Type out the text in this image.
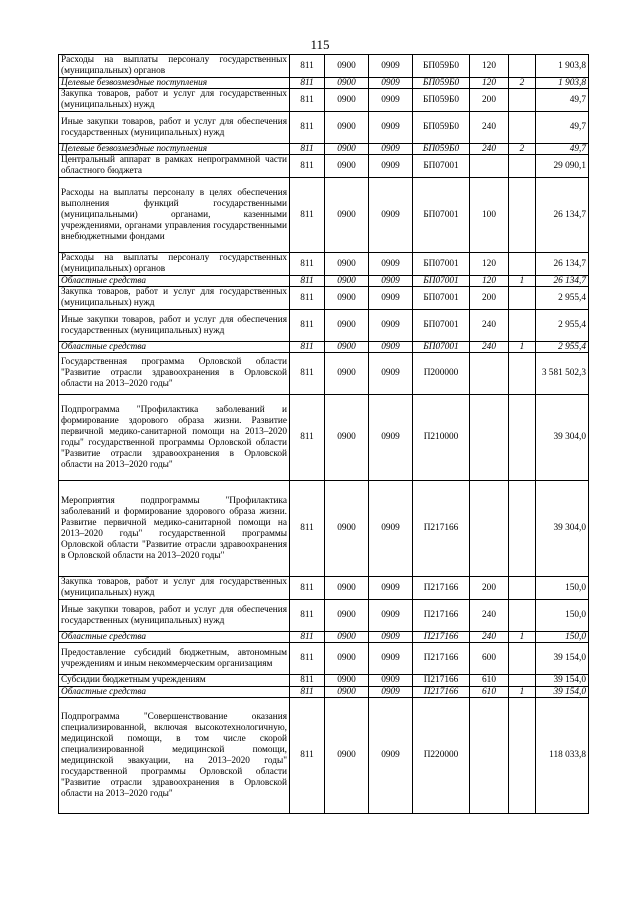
115
Расходы на выплаты персоналу государственных (муниципальных) органов	811	0900	0909	БП059Б0	120		1 903,8
Целевые безвозмездные поступления	811	0900	0909	БП059Б0	120	2	1 903,8
Закупка товаров, работ и услуг для государственных (муниципальных) нужд	811	0900	0909	БП059Б0	200		49,7
Иные закупки товаров, работ и услуг для обеспечения государственных (муниципальных) нужд	811	0900	0909	БП059Б0	240		49,7
Целевые безвозмездные поступления	811	0900	0909	БП059Б0	240	2	49,7
Центральный аппарат в рамках непрограммной части областного бюджета	811	0900	0909	БП07001			29 090,1
Расходы на выплаты персоналу в целях обеспечения выполнения функций государственными (муниципальными) органами, казенными учреждениями, органами управления государственными внебюджетными фондами	811	0900	0909	БП07001	100		26 134,7
Расходы на выплаты персоналу государственных (муниципальных) органов	811	0900	0909	БП07001	120		26 134,7
Областные средства	811	0900	0909	БП07001	120	1	26 134,7
Закупка товаров, работ и услуг для государственных (муниципальных) нужд	811	0900	0909	БП07001	200		2 955,4
Иные закупки товаров, работ и услуг для обеспечения государственных (муниципальных) нужд	811	0900	0909	БП07001	240		2 955,4
Областные средства	811	0900	0909	БП07001	240	1	2 955,4
Государственная программа Орловской области "Развитие отрасли здравоохранения в Орловской области на 2013–2020 годы"	811	0900	0909	П200000			3 581 502,3
Подпрограмма "Профилактика заболеваний и формирование здорового образа жизни. Развитие первичной медико-санитарной помощи на 2013–2020 годы" государственной программы Орловской области "Развитие отрасли здравоохранения в Орловской области на 2013–2020 годы"	811	0900	0909	П210000			39 304,0
Мероприятия подпрограммы "Профилактика заболеваний и формирование здорового образа жизни. Развитие первичной медико-санитарной помощи на 2013–2020 годы" государственной программы Орловской области "Развитие отрасли здравоохранения в Орловской области на 2013–2020 годы"	811	0900	0909	П217166			39 304,0
Закупка товаров, работ и услуг для государственных (муниципальных) нужд	811	0900	0909	П217166	200		150,0
Иные закупки товаров, работ и услуг для обеспечения государственных (муниципальных) нужд	811	0900	0909	П217166	240		150,0
Областные средства	811	0900	0909	П217166	240	1	150,0
Предоставление субсидий бюджетным, автономным учреждениям и иным некоммерческим организациям	811	0900	0909	П217166	600		39 154,0
Субсидии бюджетным учреждениям	811	0900	0909	П217166	610		39 154,0
Областные средства	811	0900	0909	П217166	610	1	39 154,0
Подпрограмма "Совершенствование оказания специализированной, включая высокотехнологичную, медицинской помощи, в том числе скорой специализированной медицинской помощи, медицинской эвакуации, на 2013–2020 годы" государственной программы Орловской области "Развитие отрасли здравоохранения в Орловской области на 2013–2020 годы"	811	0900	0909	П220000			118 033,8
